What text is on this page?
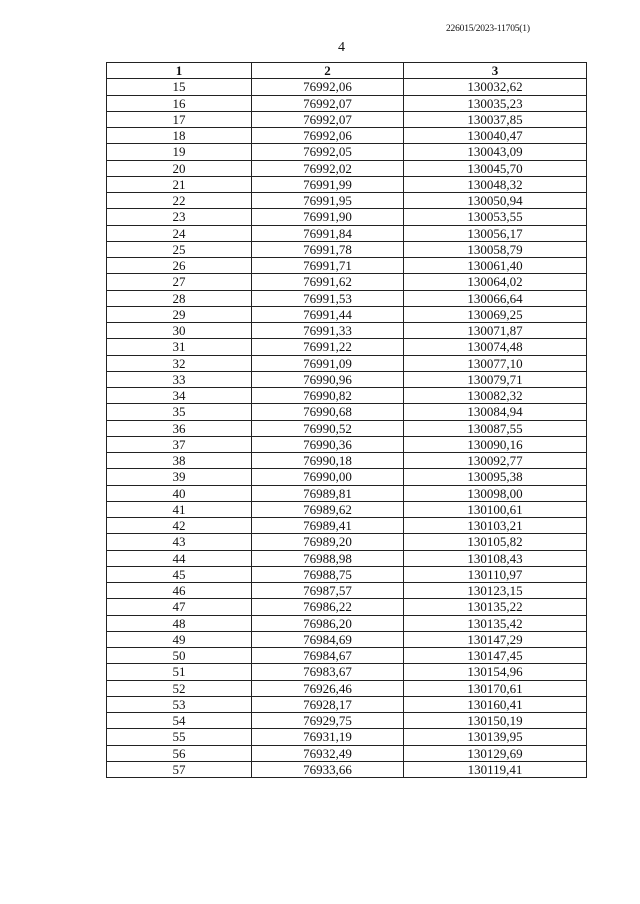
226015/2023-11705(1)
4
1	2	3
15	76992,06	130032,62
16	76992,07	130035,23
17	76992,07	130037,85
18	76992,06	130040,47
19	76992,05	130043,09
20	76992,02	130045,70
21	76991,99	130048,32
22	76991,95	130050,94
23	76991,90	130053,55
24	76991,84	130056,17
25	76991,78	130058,79
26	76991,71	130061,40
27	76991,62	130064,02
28	76991,53	130066,64
29	76991,44	130069,25
30	76991,33	130071,87
31	76991,22	130074,48
32	76991,09	130077,10
33	76990,96	130079,71
34	76990,82	130082,32
35	76990,68	130084,94
36	76990,52	130087,55
37	76990,36	130090,16
38	76990,18	130092,77
39	76990,00	130095,38
40	76989,81	130098,00
41	76989,62	130100,61
42	76989,41	130103,21
43	76989,20	130105,82
44	76988,98	130108,43
45	76988,75	130110,97
46	76987,57	130123,15
47	76986,22	130135,22
48	76986,20	130135,42
49	76984,69	130147,29
50	76984,67	130147,45
51	76983,67	130154,96
52	76926,46	130170,61
53	76928,17	130160,41
54	76929,75	130150,19
55	76931,19	130139,95
56	76932,49	130129,69
57	76933,66	130119,41
